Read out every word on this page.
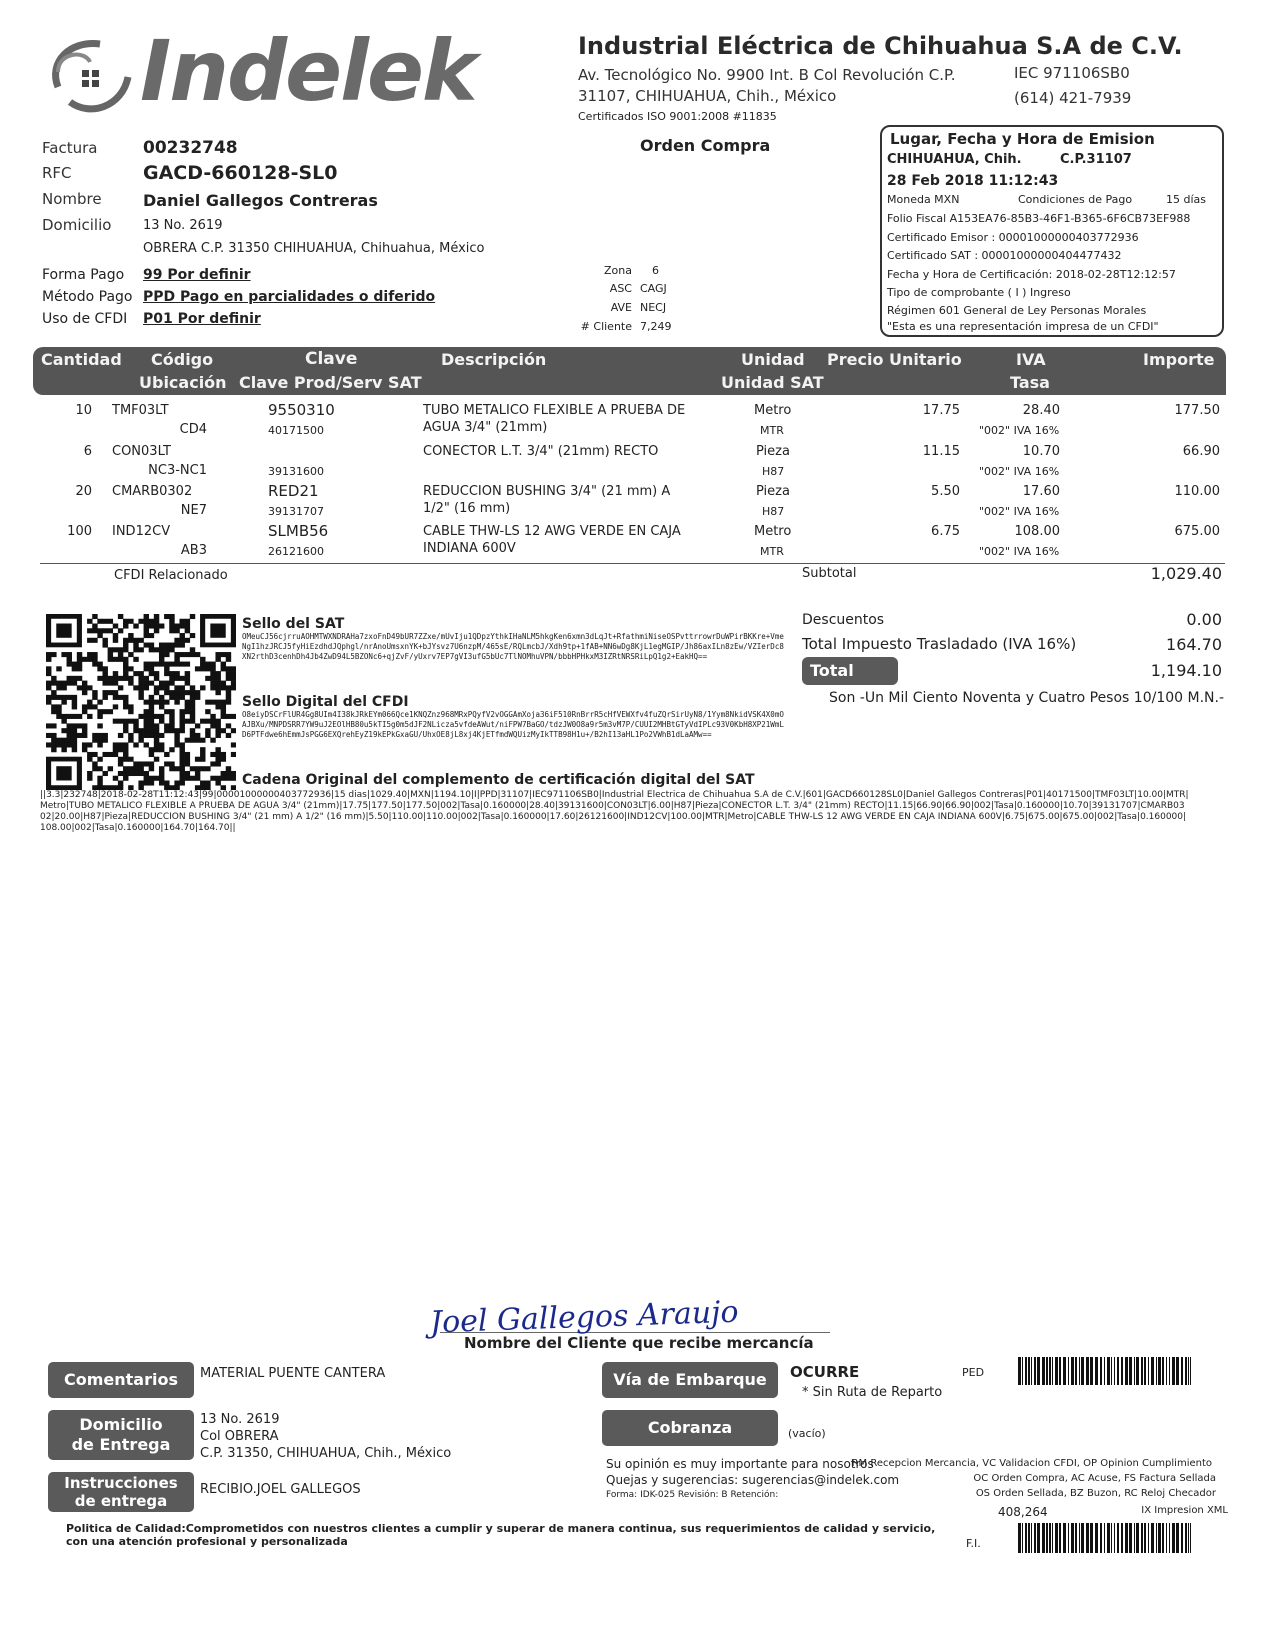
Indelek	Industrial Eléctrica de Chihuahua S.A de C.V.
Av. Tecnológico No. 9900 Int. B Col Revolución C.P.
31107, CHIHUAHUA, Chih., México
Certificados ISO 9001:2008 #11835
IEC 971106SB0
(614) 421-7939
Orden Compra
Factura	00232748
RFC	GACD-660128-SL0
Nombre	Daniel Gallegos Contreras
Domicilio 13 No. 2619
OBRERA C.P. 31350 CHIHUAHUA, Chihuahua, México
Forma Pago 99 Por definir
Método Pago PPD Pago en parcialidades o diferido
Uso de CFDI P01 Por definir
Zona 6
ASC CAGJ
AVE NECJ
# Cliente 7,249
Lugar, Fecha y Hora de Emision
CHIHUAHUA, Chih.	C.P.31107
28 Feb 2018 11:12:43
Moneda MXN	Condiciones de Pago	15 días
Folio Fiscal A153EA76-85B3-46F1-B365-6F6CB73EF988
Certificado Emisor : 00001000000403772936
Certificado SAT : 00001000000404477432
Fecha y Hora de Certificación: 2018-02-28T12:12:57
Tipo de comprobante ( I ) Ingreso
Régimen 601 General de Ley Personas Morales
"Esta es una representación impresa de un CFDI"
Cantidad Código	Clave	Descripción	Unidad Precio Unitario	IVA	Importe
Ubicación Clave Prod/Serv SAT	Unidad SAT	Tasa
10 TMF03LT	9550310	TUBO METALICO FLEXIBLE A PRUEBA DE
AGUA 3/4" (21mm)
Metro	17.75	28.40	177.50
CD4	40171500	MTR	"002" IVA 16%
6 CON03LT	CONECTOR L.T. 3/4" (21mm) RECTO	Pieza	11.15	10.70	66.90
NC3-NC1	39131600	H87	"002" IVA 16%
20 CMARB0302	RED21	REDUCCION BUSHING 3/4" (21 mm) A
1/2" (16 mm)
Pieza	5.50	17.60	110.00
NE7	39131707	H87	"002" IVA 16%
100 IND12CV	SLMB56	CABLE THW-LS 12 AWG VERDE EN CAJA
INDIANA 600V
Metro	6.75	108.00	675.00
AB3	26121600	MTR	"002" IVA 16%
CFDI Relacionado	Subtotal	1,029.40
Descuentos	0.00
Total Impuesto Trasladado (IVA 16%)	164.70
Total	1,194.10
Son -Un Mil Ciento Noventa y Cuatro Pesos 10/100 M.N.-
Sello del SAT
OMeuCJ56cjrruAOHMTWXNDRAHa7zxoFnD49bUR7ZZxe/mUvIju1QDpzYthkIHaNLM5hkgKen6xmn3dLqJt+RfathmiNiseOSPvttrrowrDuWPirBKKre+VmeNgI1hzJRCJ5fyHiEzdhdJQphgl/nrAnoUmsxnYK+bJYsvz7U6nzpM/465sE/RQLmcbJ/Xdh9tp+1fAB+NN6wDg8KjL1egMGIP/Jh86axILn8zEw/VZIerDc8XN2rthD3cenhDh4Jb4ZwD94L5BZONc6+qjZvF/yUxrv7EP7gVI3ufG5bUc7TlNOMhuVPN/bbbHPHkxM3IZRtNRSRiLpQ1g2+EakHQ==
Sello Digital del CFDI
O8eiyDSCrFlUR4Gg8UIm4I38kJRkEYm066Qce1KNQZnz968MRxPQyfV2vOGGAmXoja36iF510RnBrrR5cHfVEWXfv4fuZQrSirUyN8/1Yym8NkidVSK4X0mOAJBXu/MNPDSRR7YW9uJ2EOlHB80u5kTI5g0m5dJF2NLicza5vfdeAWut/niFPW7BaGO/tdzJW0O8a9r5m3vM7P/CUUI2MHBtGTyVdIPLc93V0KbH8XP21WmLD6PTFdwe6hEmmJsPGG6EXQrehEyZ19kEPkGxaGU/UhxOE8jL8xj4KjETfmdWQUizMyIkTTB98H1u+/B2hI13aHL1Po2VWhB1dLaAMw==
Cadena Original del complemento de certificación digital del SAT
||3.3|232748|2018-02-28T11:12:43|99|00001000000403772936|15 dias|1029.40|MXN|1194.10|I|PPD|31107|IEC971106SB0|Industrial Electrica de Chihuahua S.A de C.V.|601|GACD660128SL0|Daniel Gallegos Contreras|P01|40171500|TMF03LT|10.00|MTR|Metro|TUBO METALICO FLEXIBLE A PRUEBA DE AGUA 3/4" (21mm)|17.75|177.50|177.50|002|Tasa|0.160000|28.40|39131600|CON03LT|6.00|H87|Pieza|CONECTOR L.T. 3/4" (21mm) RECTO|11.15|66.90|66.90|002|Tasa|0.160000|10.70|39131707|CMARB0302|20.00|H87|Pieza|REDUCCION BUSHING 3/4" (21 mm) A 1/2" (16 mm)|5.50|110.00|110.00|002|Tasa|0.160000|17.60|26121600|IND12CV|100.00|MTR|Metro|CABLE THW-LS 12 AWG VERDE EN CAJA INDIANA 600V|6.75|675.00|675.00|002|Tasa|0.160000|108.00|002|Tasa|0.160000|164.70|164.70||
Joel Gallegos Araujo
Nombre del Cliente que recibe mercancía
Comentarios	MATERIAL PUENTE CANTERA
Domicilio
de Entrega
13 No. 2619
Col OBRERA
C.P. 31350, CHIHUAHUA, Chih., México
Instrucciones
de entrega
RECIBIO.JOEL GALLEGOS
Vía de Embarque	OCURRE
* Sin Ruta de Reparto
PED
Cobranza	(vacío)
Su opinión es muy importante para nosotros
Quejas y sugerencias: sugerencias@indelek.com
Forma: IDK-025 Revisión: B Retención:
RM Recepcion Mercancia, VC Validacion CFDI, OP Opinion Cumplimiento
OC Orden Compra, AC Acuse, FS Factura Sellada
OS Orden Sellada, BZ Buzon, RC Reloj Checador
408,264	IX Impresion XML
Politica de Calidad:Comprometidos con nuestros clientes a cumplir y superar de manera continua, sus requerimientos de calidad y servicio,
con una atención profesional y personalizada	F.I.
